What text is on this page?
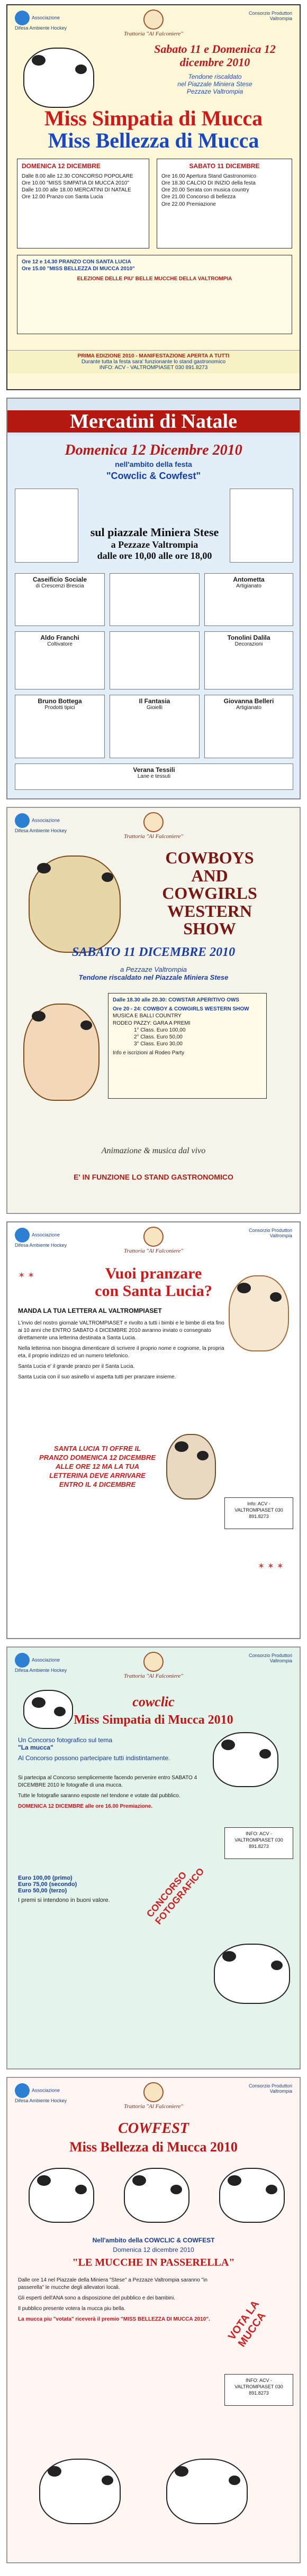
Associazione Difesa Ambiente Hockey
Trattoria "Al Falconiere"
Consorzio Produttori Valtrompia
Sabato 11 e Domenica 12
dicembre 2010
Tendone riscaldato
nel Piazzale Miniera Stese
Pezzaze Valtrompia
Miss Simpatia di Mucca
Miss Bellezza di Mucca
DOMENICA 12 DICEMBRE
Dalle 8.00 alle 12.30 CONCORSO POPOLARE
Ore 10.00 "MISS SIMPATIA DI MUCCA 2010"
Dalle 10.00 alle 18.00 MERCATINI DI NATALE
Ore 12.00 Pranzo con Santa Lucia
SABATO 11 DICEMBRE
Ore 16.00 Apertura Stand Gastronomico
Ore 18.30 CALCIO DI INIZIO della festa
Ore 20.00 Serata con musica country
Ore 21.00 Concorso di bellezza
Ore 22.00 Premiazione
Ore 12 e 14.30 PRANZO CON SANTA LUCIA
Ore 15.00 "MISS BELLEZZA DI MUCCA 2010"
ELEZIONE DELLE PIU' BELLE MUCCHE DELLA VALTROMPIA
PRIMA EDIZIONE 2010 - MANIFESTAZIONE APERTA A TUTTI
Durante tutta la festa sara' funzionante lo stand gastronomico
INFO: ACV - VALTROMPIASET 030 891.8273
Mercatini di Natale
Domenica 12 Dicembre 2010
nell'ambito della festa
"Cowclic & Cowfest"
sul piazzale Miniera Stese
a Pezzaze Valtrompia
dalle ore 10,00 alle ore 18,00
Caseificio Sociale
di Crescenzi Brescia
Antometta
Artigianato
Aldo Franchi
Coltivatore
Tonolini Dalila
Decorazioni
Bruno Bottega
Prodotti tipici
Il Fantasia
Gioielli
Giovanna Belleri
Artigianato
Verana Tessili
Lane e tessuti
Associazione Difesa Ambiente Hockey
Trattoria "Al Falconiere"
COWBOYS
AND
COWGIRLS
WESTERN
SHOW
SABATO 11 DICEMBRE 2010
a Pezzaze Valtrompia
Tendone riscaldato nel Piazzale Miniera Stese
Dalle 18.30 alle 20.30: COWSTAR APERITIVO OWS
Ore 20 - 24: COWBOY & COWGIRLS WESTERN SHOW
MUSICA E BALLI COUNTRY
RODEO PAZZY: GARA A PREMI
1° Class. Euro 100,00
2° Class. Euro 50,00
3° Class. Euro 30,00
Info e iscrizioni al Rodeo Party
Animazione & musica dal vivo
E' IN FUNZIONE LO STAND GASTRONOMICO
Associazione Difesa Ambiente Hockey
Trattoria "Al Falconiere"
Consorzio Produttori Valtrompia
✶ ✶	Vuoi pranzare
con Santa Lucia?
MANDA LA TUA LETTERA AL VALTROMPIASET

L'invio del nostro giornale VALTROMPIASET e rivolto a tutti i bimbi e le bimbe di eta fino ai 10 anni che ENTRO SABATO 4 DICEMBRE 2010 avranno inviato o consegnato direttamente una letterina destinata a Santa Lucia.

Nella letterina non bisogna dimenticare di scrivere il proprio nome e cognome, la propria eta, il proprio indirizzo ed un numero telefonico.

Santa Lucia e' il grande pranzo per il Santa Lucia.

Santa Lucia con il suo asinello vi aspetta tutti per pranzare insieme.

SANTA LUCIA TI OFFRE IL PRANZO DOMENICA 12 DICEMBRE ALLE ORE 12 MA LA TUA LETTERINA DEVE ARRIVARE ENTRO IL 4 DICEMBRE
Info: ACV - VALTROMPIASET 030 891.8273
✶ ✶ ✶
Associazione Difesa Ambiente Hockey
Trattoria "Al Falconiere"
Consorzio Produttori Valtrompia
cowclic
Miss Simpatia di Mucca 2010
Un Concorso fotografico sul tema
"La mucca"
Al Concorso possono partecipare tutti indistintamente.

Si partecipa al Concorso semplicemente facendo pervenire entro SABATO 4 DICEMBRE 2010 le fotografie di una mucca.

Tutte le fotografie saranno esposte nel tendone e votate dal pubblico.

DOMENICA 12 DICEMBRE alle ore 16.00 Premiazione.

Euro 100,00 (primo)
Euro 75,00 (secondo)
Euro 50,00 (terzo)
I premi si intendono in buoni valore.	CONCORSO FOTOGRAFICO
INFO: ACV - VALTROMPIASET 030 891.8273
Associazione Difesa Ambiente Hockey
Trattoria "Al Falconiere"
Consorzio Produttori Valtrompia
COWFEST
Miss Bellezza di Mucca 2010
Nell'ambito della COWCLIC & COWFEST
Domenica 12 dicembre 2010
"LE MUCCHE IN PASSERELLA"

Dalle ore 14 nel Piazzale della Miniera "Stese" a Pezzaze Valtrompia saranno "in passerella" le mucche degli allevatori locali.

Gli esperti dell'ANA sono a disposizione del pubblico e dei bambini.

Il pubblico presente votera la mucca piu bella.

La mucca piu "votata" riceverà il premio "MISS BELLEZZA DI MUCCA 2010".	VOTA LA MUCCA
INFO: ACV - VALTROMPIASET 030 891.8273
